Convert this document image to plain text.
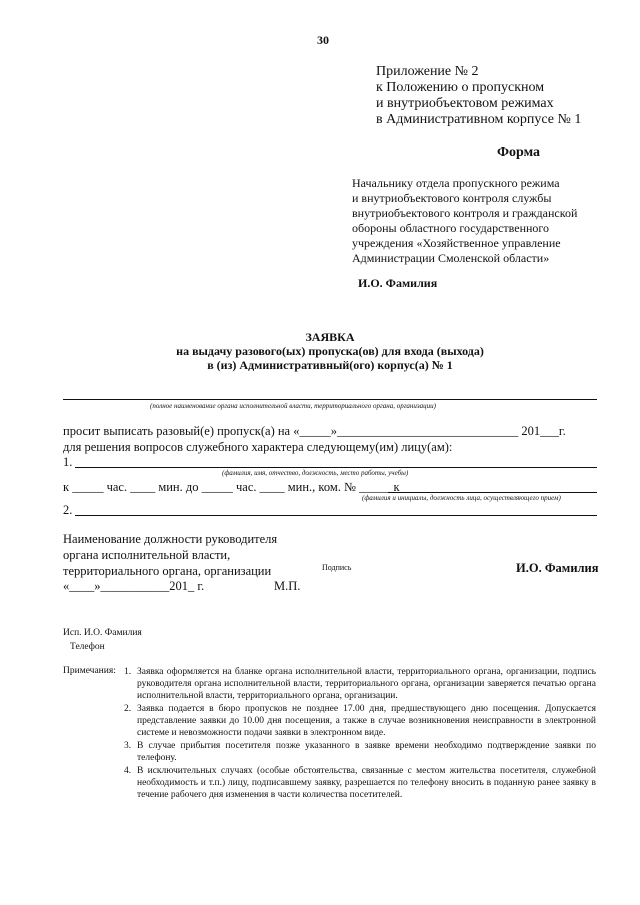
30
Приложение № 2
к Положению о пропускном
и внутриобъектовом режимах
в Административном корпусе № 1
Форма
Начальнику отдела пропускного режима
и внутриобъектового контроля службы
внутриобъектового контроля и гражданской
обороны областного государственного
учреждения «Хозяйственное управление
Администрации Смоленской области»
И.О. Фамилия
ЗАЯВКА
на выдачу разового(ых) пропуска(ов) для входа (выхода)
в (из) Административный(ого) корпус(а) № 1
(полное наименование органа исполнительной власти, территориального органа, организации)
просит выписать разовый(е) пропуск(а) на «_____»_____________________________ 201___г.
для решения вопросов служебного характера следующему(им) лицу(ам):
1.
(фамилия, имя, отчество, должность, место работы, учебы)
к _____ час. ____ мин. до _____ час. ____ мин., ком. № _____ к
(фамилия и инициалы, должность лица, осуществляющего прием)
2.
Наименование должности руководителя
органа исполнительной власти,
территориального органа, организации	Подпись	И.О. Фамилия
«____»___________201_ г.	М.П.
Исп. И.О. Фамилия
Телефон
Примечания: 1. Заявка оформляется на бланке органа исполнительной власти, территориального органа, организации, подпись руководителя органа исполнительной власти, территориального органа, организации заверяется печатью органа исполнительной власти, территориального органа, организации.
2. Заявка подается в бюро пропусков не позднее 17.00 дня, предшествующего дню посещения. Допускается представление заявки до 10.00 дня посещения, а также в случае возникновения неисправности в электронной системе и невозможности подачи заявки в электронном виде.
3. В случае прибытия посетителя позже указанного в заявке времени необходимо подтверждение заявки по телефону.
4. В исключительных случаях (особые обстоятельства, связанные с местом жительства посетителя, служебной необходимость и т.п.) лицу, подписавшему заявку, разрешается по телефону вносить в поданную ранее заявку в течение рабочего дня изменения в части количества посетителей.
